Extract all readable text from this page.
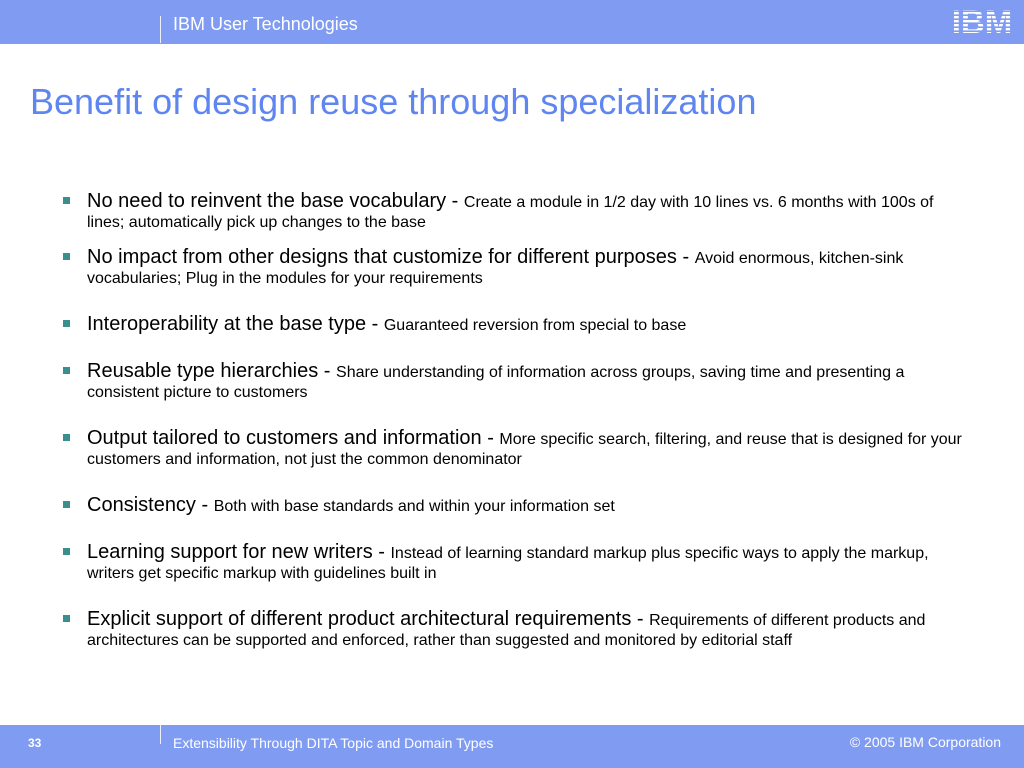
IBM User Technologies	IBM
Benefit of design reuse through specialization
No need to reinvent the base vocabulary - Create a module in 1/2 day with 10 lines vs. 6 months with 100s of lines; automatically pick up changes to the base
No impact from other designs that customize for different purposes - Avoid enormous, kitchen-sink vocabularies; Plug in the modules for your requirements
Interoperability at the base type - Guaranteed reversion from special to base
Reusable type hierarchies - Share understanding of information across groups, saving time and presenting a consistent picture to customers
Output tailored to customers and information - More specific search, filtering, and reuse that is designed for your customers and information, not just the common denominator
Consistency - Both with base standards and within your information set
Learning support for new writers - Instead of learning standard markup plus specific ways to apply the markup, writers get specific markup with guidelines built in
Explicit support of different product architectural requirements - Requirements of different products and architectures can be supported and enforced, rather than suggested and monitored by editorial staff
33	Extensibility Through DITA Topic and Domain Types	© 2005 IBM Corporation
